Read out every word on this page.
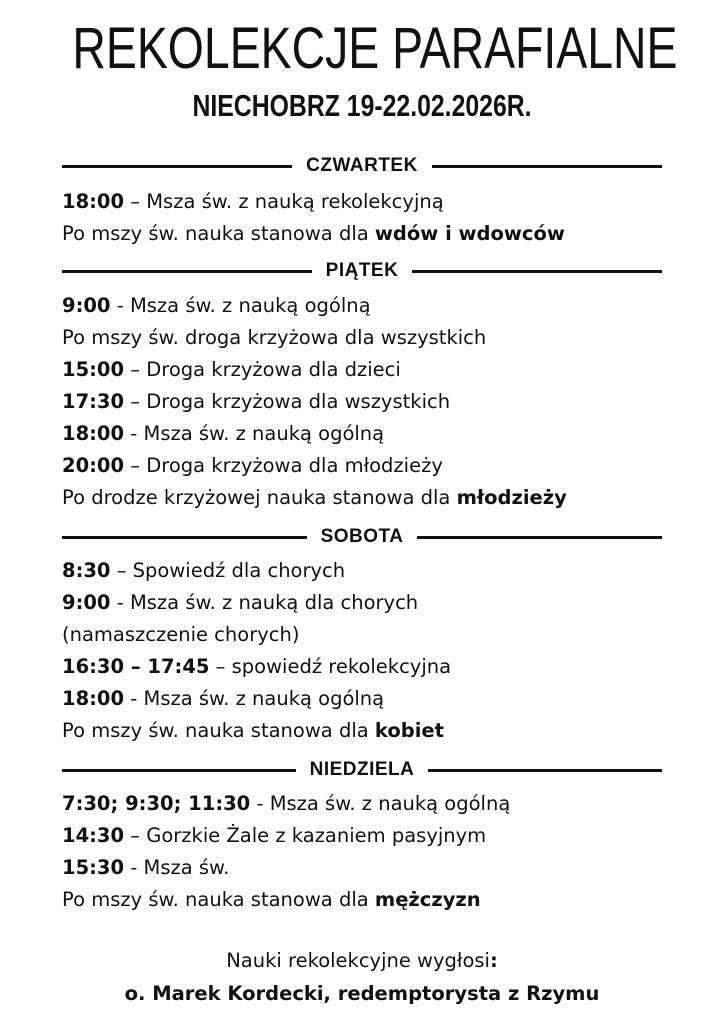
REKOLEKCJE PARAFIALNE
NIECHOBRZ 19-22.02.2026R.
CZWARTEK
18:00 – Msza św. z nauką rekolekcyjną
Po mszy św. nauka stanowa dla wdów i wdowców
PIĄTEK
9:00 - Msza św. z nauką ogólną
Po mszy św. droga krzyżowa dla wszystkich
15:00 – Droga krzyżowa dla dzieci
17:30 – Droga krzyżowa dla wszystkich
18:00 - Msza św. z nauką ogólną
20:00 – Droga krzyżowa dla młodzieży
Po drodze krzyżowej nauka stanowa dla młodzieży
SOBOTA
8:30 – Spowiedź dla chorych
9:00 - Msza św. z nauką dla chorych
(namaszczenie chorych)
16:30 – 17:45 – spowiedź rekolekcyjna
18:00 - Msza św. z nauką ogólną
Po mszy św. nauka stanowa dla kobiet
NIEDZIELA
7:30; 9:30; 11:30 - Msza św. z nauką ogólną
14:30 – Gorzkie Żale z kazaniem pasyjnym
15:30 - Msza św.
Po mszy św. nauka stanowa dla mężczyzn
Nauki rekolekcyjne wygłosi:
o. Marek Kordecki, redemptorysta z Rzymu
